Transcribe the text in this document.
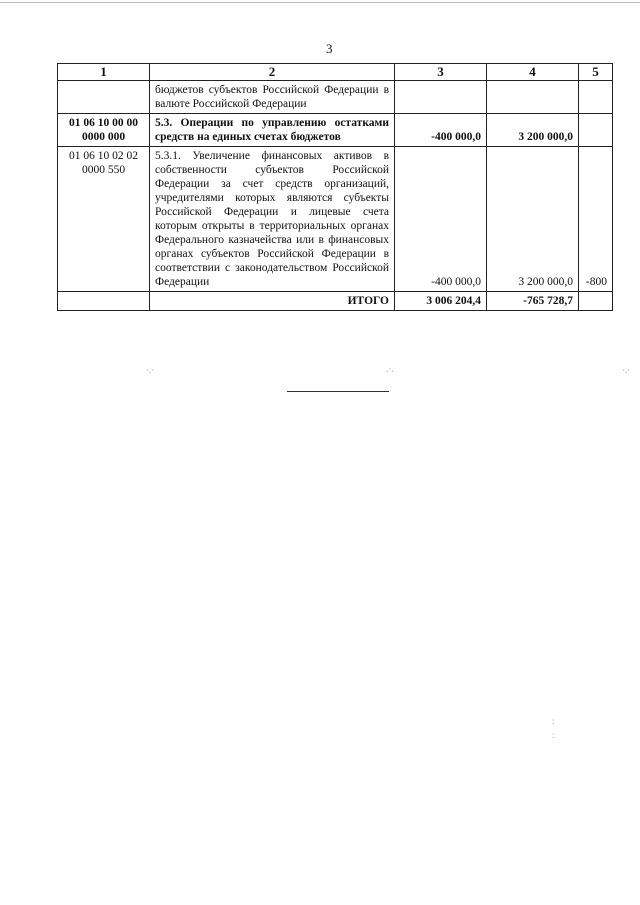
3
1	2	3	4	5
	бюджетов субъектов Российской Федерации в валюте Российской Федерации			
01 06 10 00 00 0000 000	5.3. Операции по управлению остатками средств на единых счетах бюджетов	-400 000,0	3 200 000,0	
01 06 10 02 02 0000 550	5.3.1. Увеличение финансовых активов в собственности субъектов Российской Федерации за счет средств организаций, учредителями которых являются субъекты Российской Федерации и лицевые счета которым открыты в территориальных органах Федерального казначейства или в финансовых органах субъектов Российской Федерации в соответствии с законодательством Российской Федерации	-400 000,0	3 200 000,0	-800
	ИТОГО	3 006 204,4	-765 728,7	
·.·	.·.	·.·
:
:
